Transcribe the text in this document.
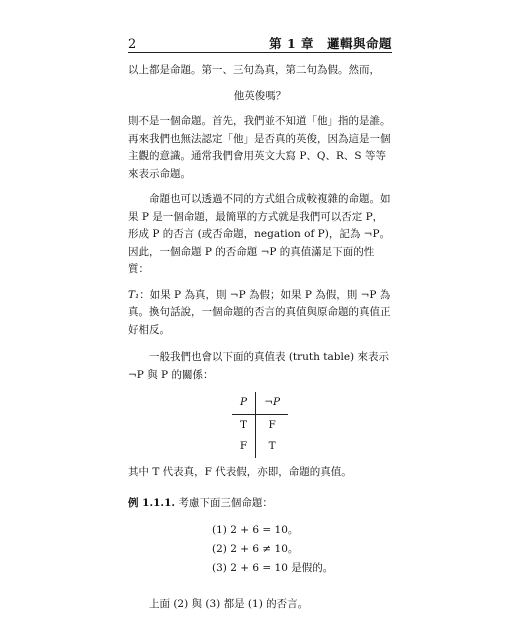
2	第 1 章　邏輯與命題

以上都是命題。第一、三句為真，第二句為假。然而，

他英俊嗎？

則不是一個命題。首先，我們並不知道「他」指的是誰。再來我們也無法認定「他」是否真的英俊，因為這是一個主觀的意識。通常我們會用英文大寫 P、Q、R、S 等等來表示命題。

命題也可以透過不同的方式組合成較複雜的命題。如果 P 是一個命題，最簡單的方式就是我們可以否定 P，形成 P 的否言 (或否命題，negation of P)，記為 ¬P。因此，一個命題 P 的否命題 ¬P 的真值滿足下面的性質：

T₁：如果 P 為真，則 ¬P 為假；如果 P 為假，則 ¬P 為真。換句話說，一個命題的否言的真值與原命題的真值正好相反。

一般我們也會以下面的真值表 (truth table) 來表示 ¬P 與 P 的關係：

P	¬P
T	F
F	T

其中 T 代表真，F 代表假，亦即，命題的真值。

例 1.1.1. 考慮下面三個命題：

(1) 2 + 6 = 10。
(2) 2 + 6 ≠ 10。
(3) 2 + 6 = 10 是假的。

上面 (2) 與 (3) 都是 (1) 的否言。
